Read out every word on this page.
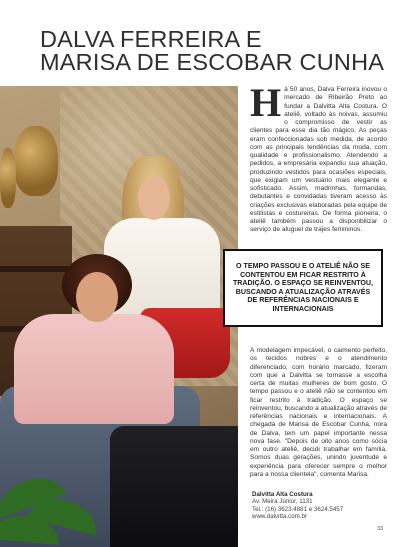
DALVA FERREIRA E
MARISA DE ESCOBAR CUNHA

Há 50 anos, Dalva Ferreira inovou o mercado de Ribeirão Preto ao fundar a Dalvitta Alta Costura. O ateliê, voltado às noivas, assumiu o compromisso de vestir as clientes para esse dia tão mágico. As peças eram confeccionadas sob medida, de acordo com as principais tendências da moda, com qualidade e profissionalismo. Atendendo a pedidos, a empresária expandiu sua atuação, produzindo vestidos para ocasiões especiais, que exigiam um vestuário mais elegante e sofisticado. Assim, madrinhas, formandas, debutantes e convidadas tiveram acesso às criações exclusivas elaboradas pela equipe de estilistas e costureiras. De forma pioneira, o ateliê também passou a disponibilizar o serviço de aluguel de trajes femininos.

O TEMPO PASSOU E O ATELIÊ NÃO SE CONTENTOU EM FICAR RESTRITO À TRADIÇÃO. O ESPAÇO SE REINVENTOU, BUSCANDO A ATUALIZAÇÃO ATRAVÉS DE REFERÊNCIAS NACIONAIS E INTERNACIONAIS

A modelagem impecável, o caimento perfeito, os tecidos nobres e o atendimento diferenciado, com horário marcado, fizeram com que a Dalvitta se tornasse a escolha certa de muitas mulheres de bom gosto. O tempo passou e o ateliê não se contentou em ficar restrito à tradição. O espaço se reinventou, buscando a atualização através de referências nacionais e internacionais. A chegada de Marisa de Escobar Cunha, nora de Dalva, tem um papel importante nessa nova fase. "Depois de oito anos como sócia em outro ateliê, decidi trabalhar em família. Somos duas gerações, unindo juventude e experiência para oferecer sempre o melhor para a nossa clientela", comenta Marisa.

Dalvitta Alta Costura
Av. Meira Júnior, 1131
Tel.: (16) 3623.4881 e 3624.5457
www.dalvitta.com.br
33
